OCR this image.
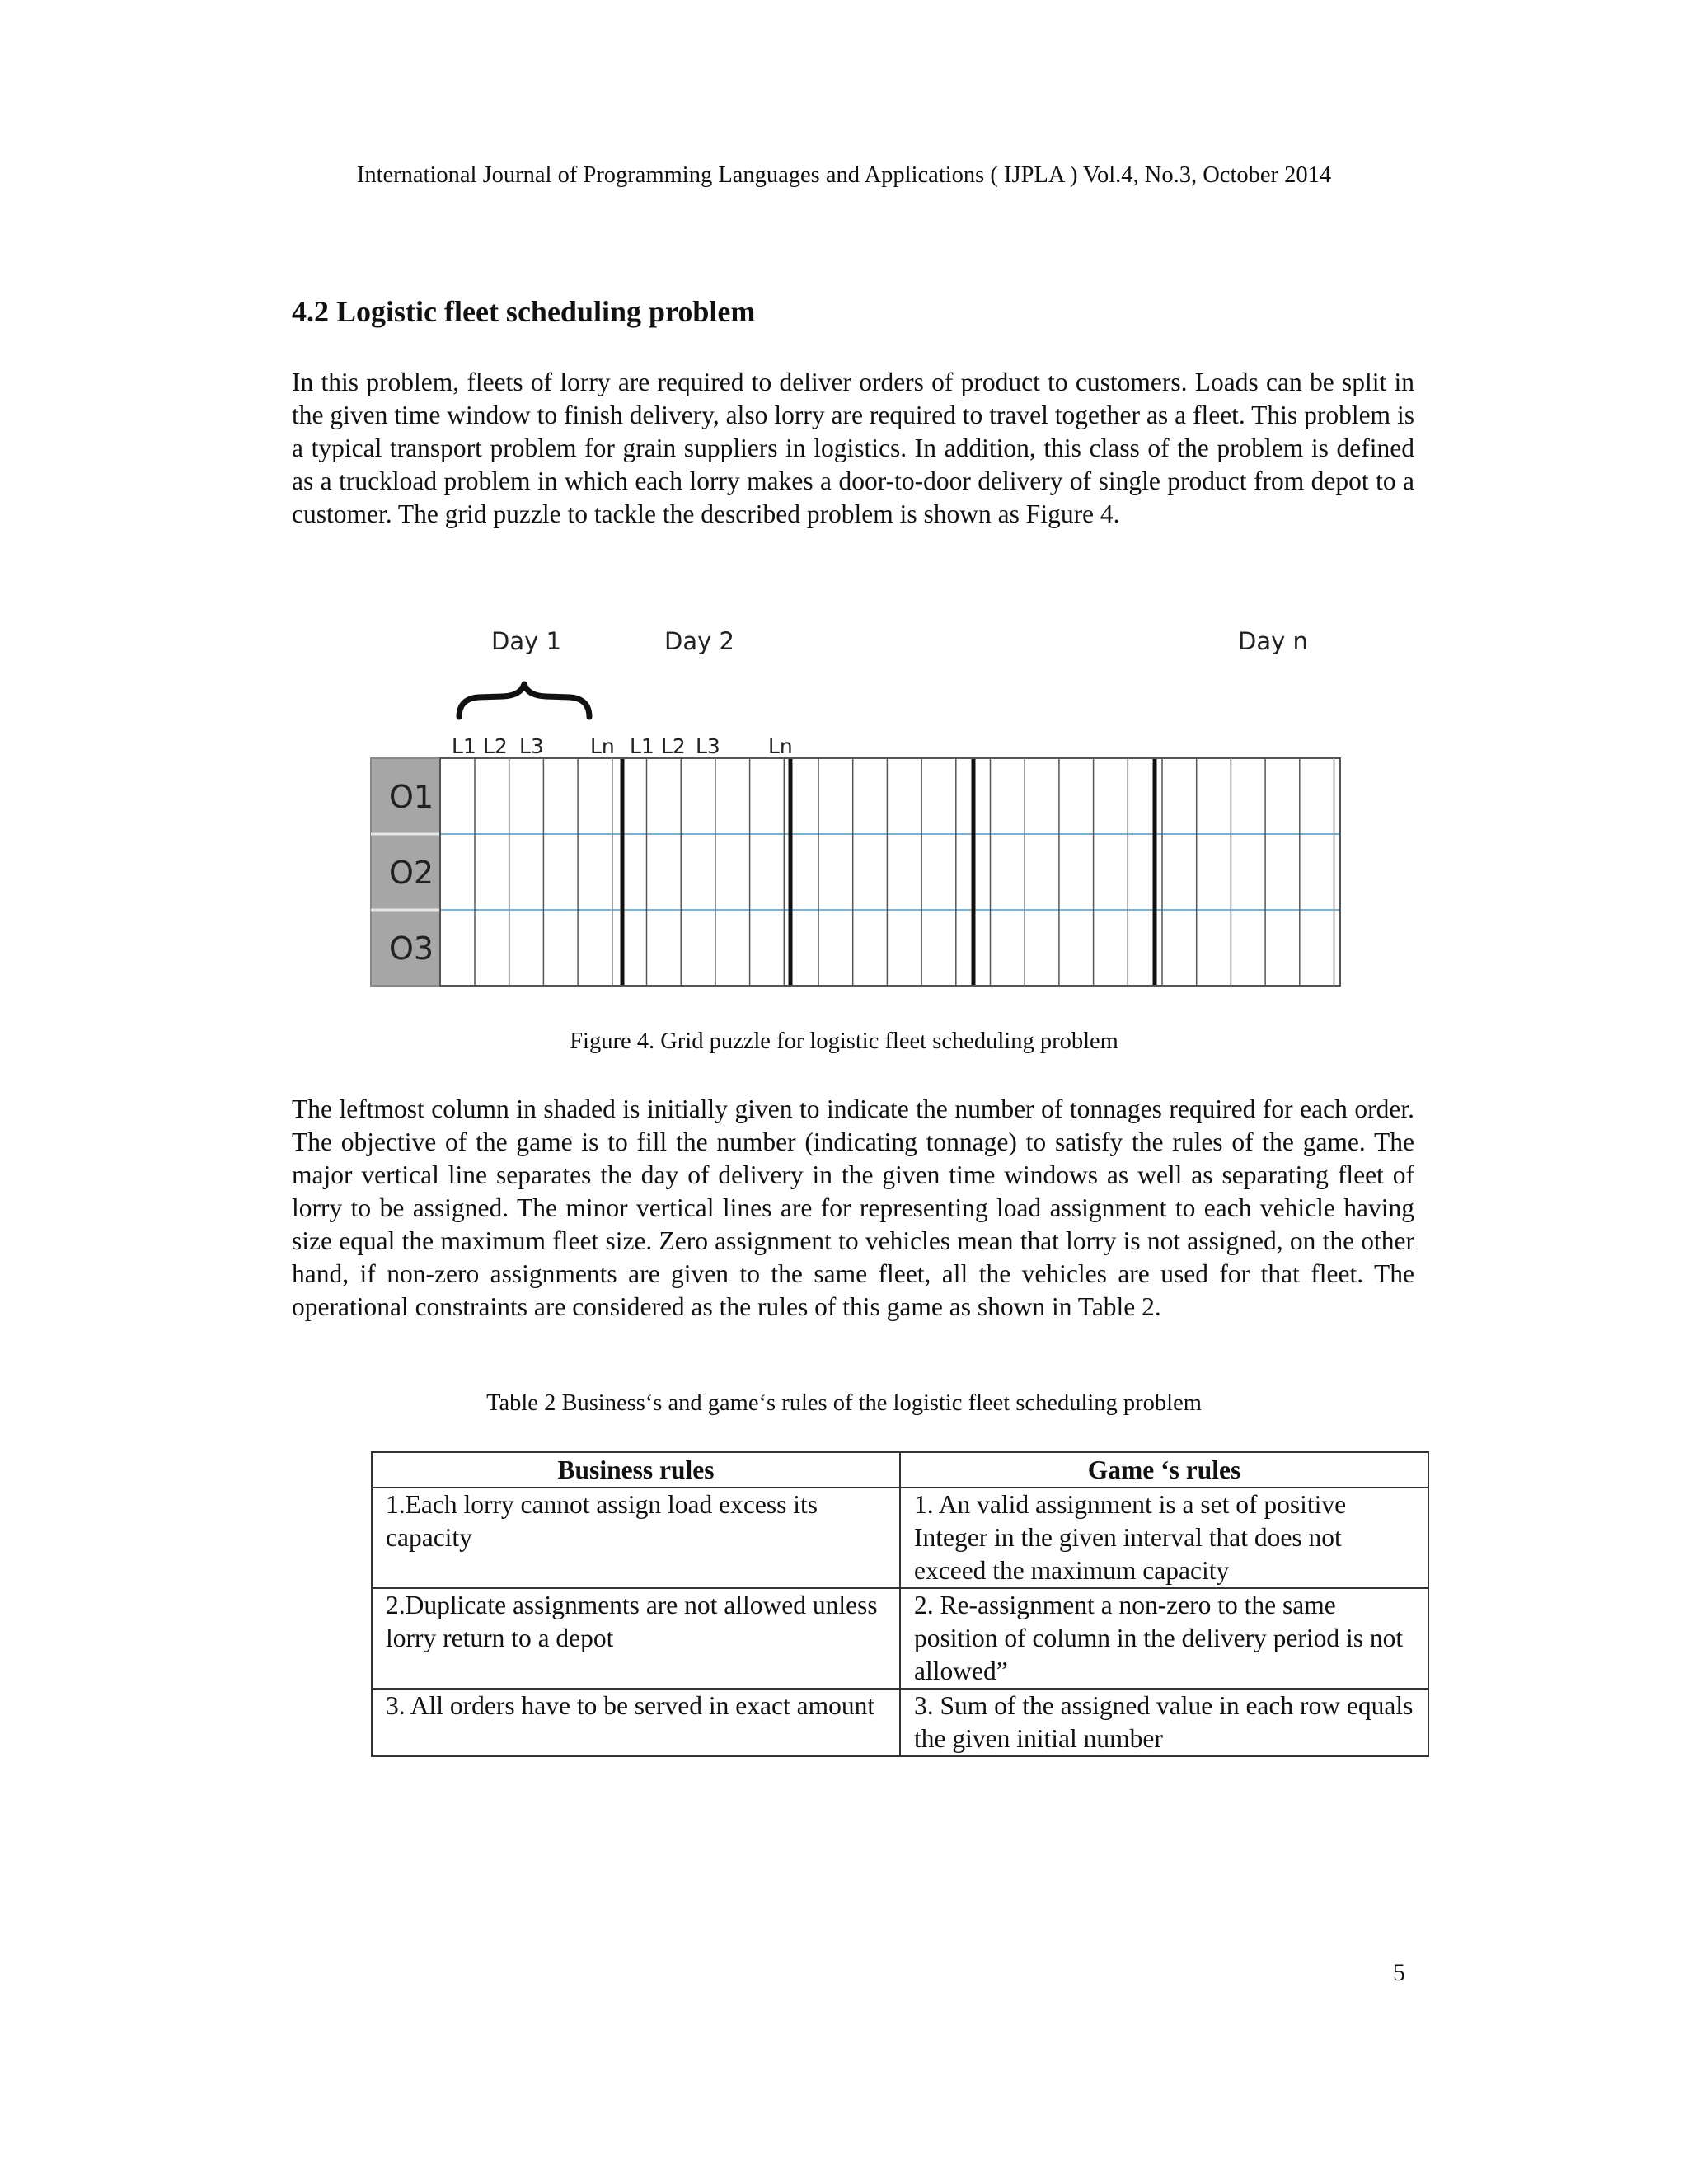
International Journal of Programming Languages and Applications ( IJPLA ) Vol.4, No.3, October 2014
4.2 Logistic fleet scheduling problem

In this problem, fleets of lorry are required to deliver orders of product to customers. Loads can be split in the given time window to finish delivery, also lorry are required to travel together as a fleet. This problem is a typical transport problem for grain suppliers in logistics. In addition, this class of the problem is defined as a truckload problem in which each lorry makes a door-to-door delivery of single product from depot to a customer. The grid puzzle to tackle the described problem is shown as Figure 4.

Day 1	Day 2	Day n
L1 L2 L3 Ln L1 L2 L3 Ln
O1
O2
O3
Figure 4. Grid puzzle for logistic fleet scheduling problem

The leftmost column in shaded is initially given to indicate the number of tonnages required for each order. The objective of the game is to fill the number (indicating tonnage) to satisfy the rules of the game. The major vertical line separates the day of delivery in the given time windows as well as separating fleet of lorry to be assigned. The minor vertical lines are for representing load assignment to each vehicle having size equal the maximum fleet size. Zero assignment to vehicles mean that lorry is not assigned, on the other hand, if non-zero assignments are given to the same fleet, all the vehicles are used for that fleet. The operational constraints are considered as the rules of this game as shown in Table 2.

Table 2 Business‘s and game‘s rules of the logistic fleet scheduling problem
Business rules	Game ‘s rules
1.Each lorry cannot assign load excess its capacity	1. An valid assignment is a set of positive Integer in the given interval that does not exceed the maximum capacity
2.Duplicate assignments are not allowed unless lorry return to a depot	2. Re-assignment a non-zero to the same position of column in the delivery period is not allowed”
3. All orders have to be served in exact amount	3. Sum of the assigned value in each row equals the given initial number
5
